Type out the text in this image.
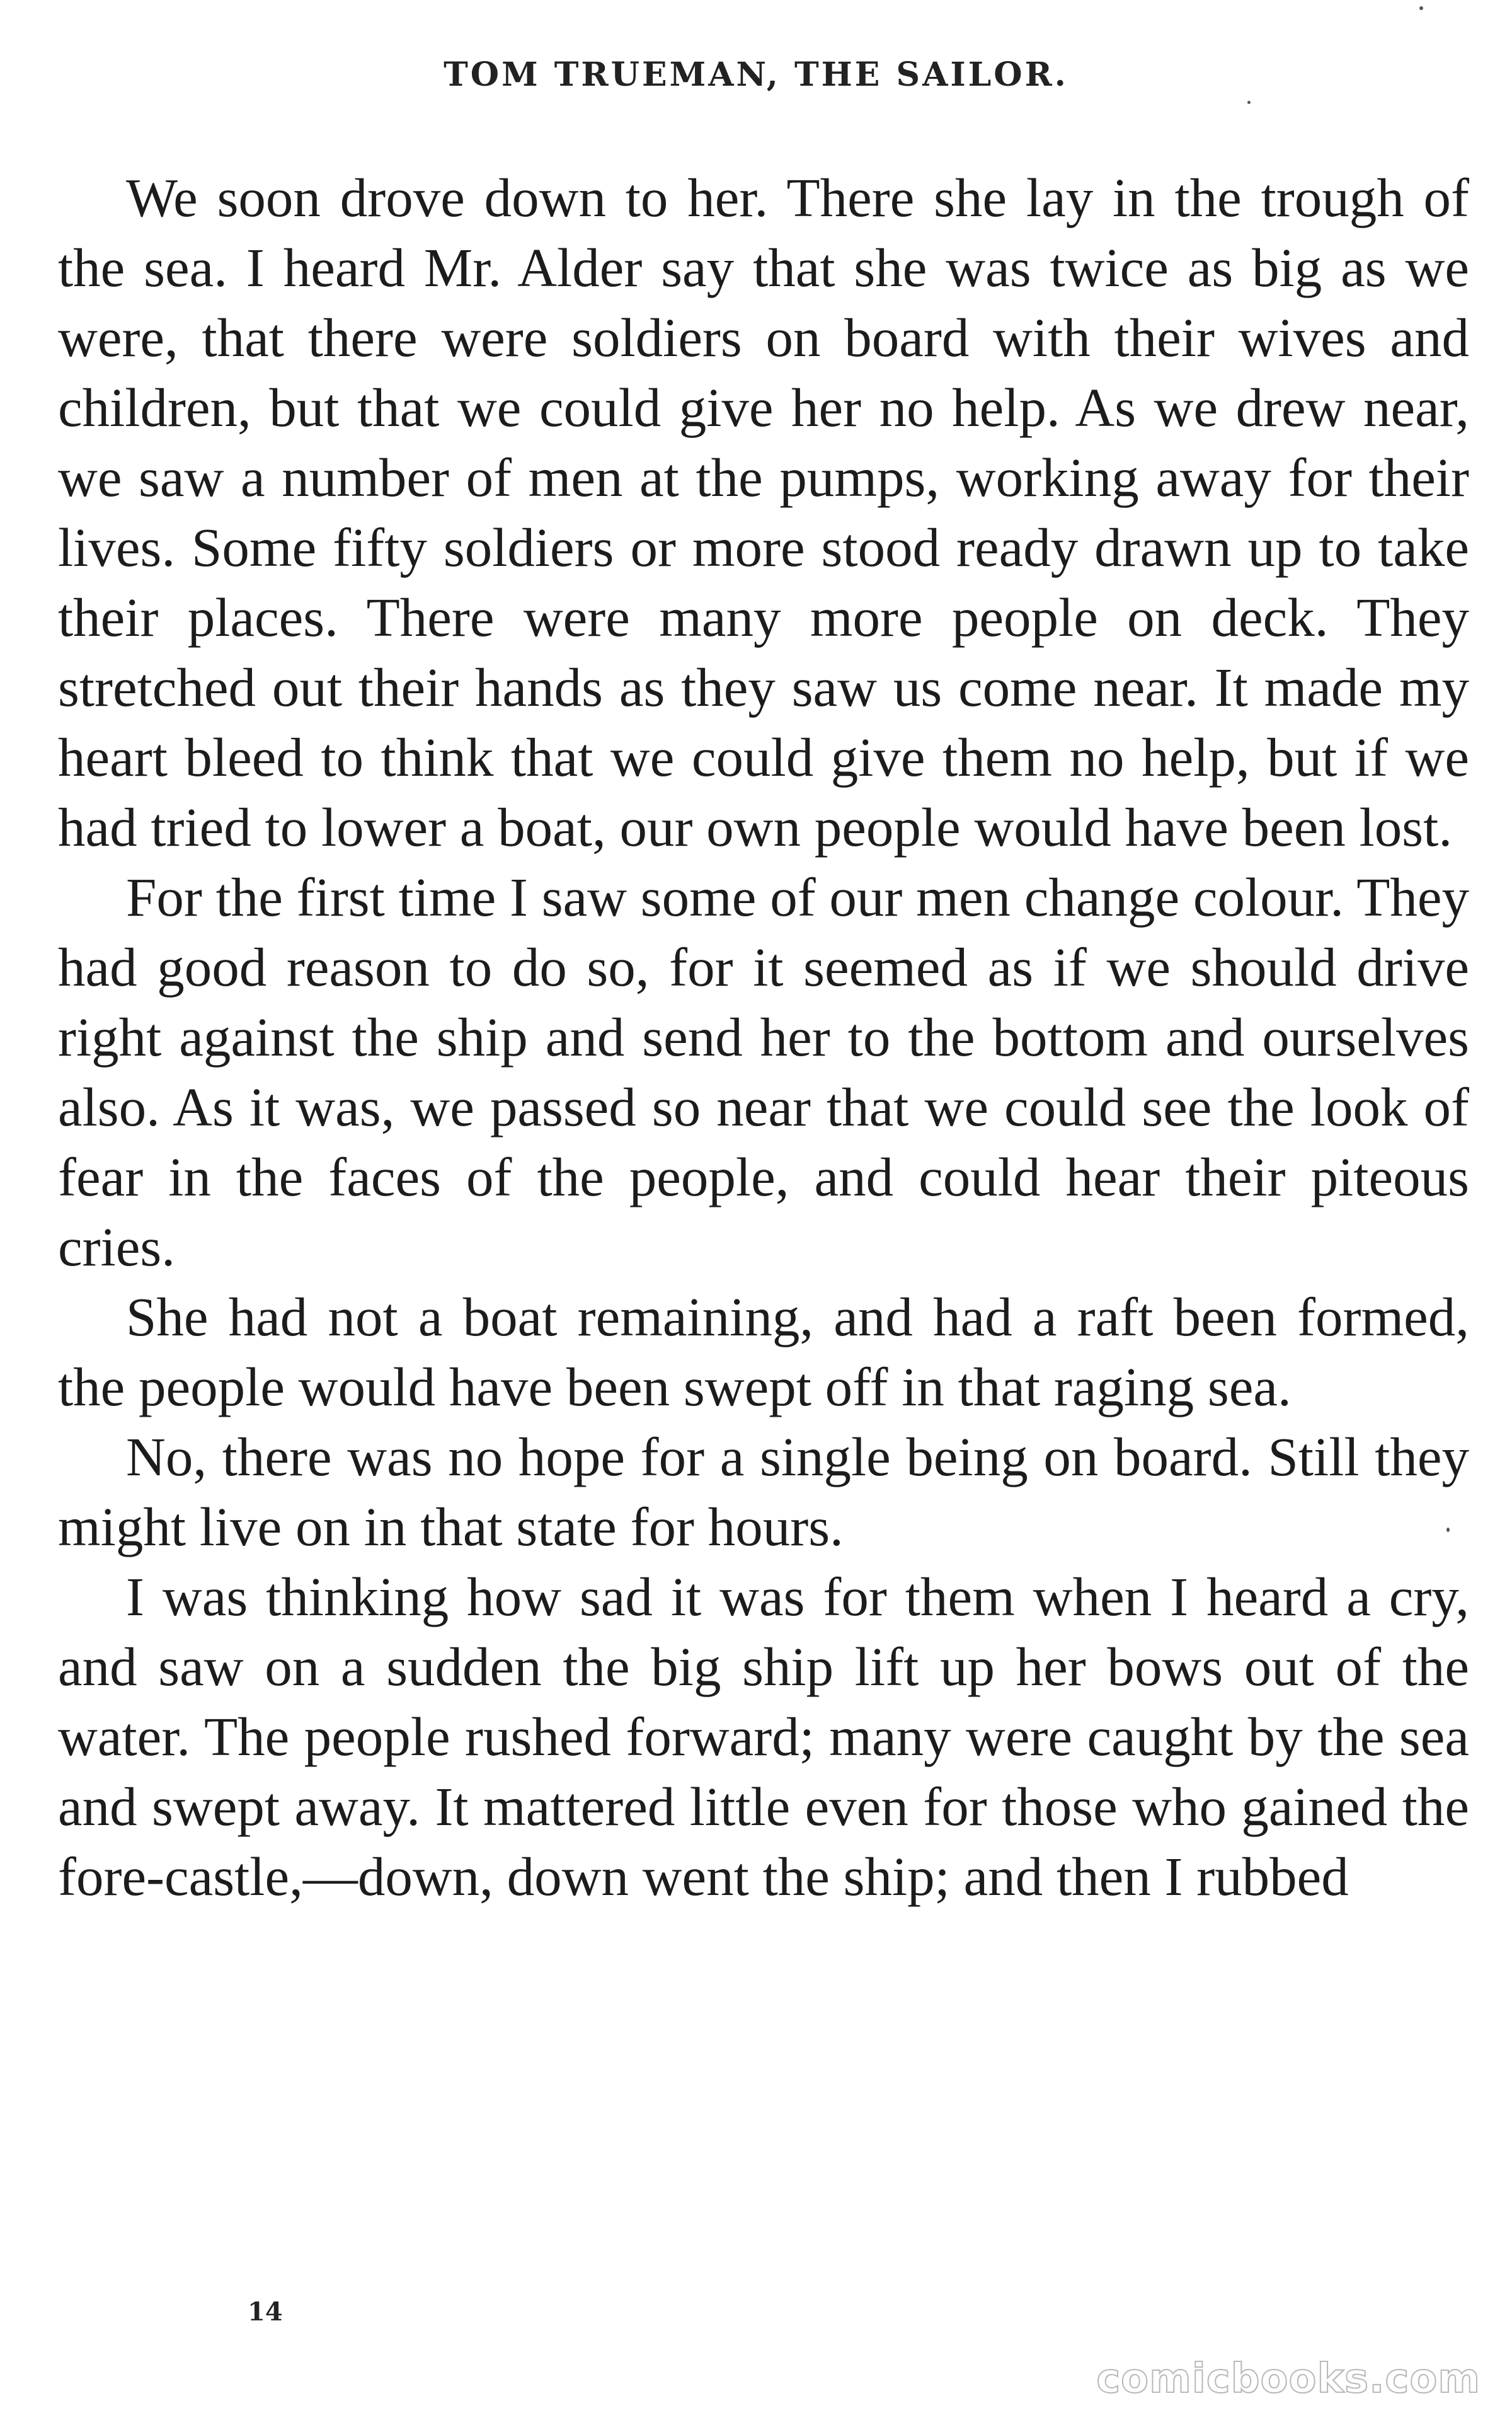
TOM TRUEMAN, THE SAILOR.

We soon drove down to her. There she lay in the trough of the sea. I heard Mr. Alder say that she was twice as big as we were, that there were soldiers on board with their wives and children, but that we could give her no help. As we drew near, we saw a number of men at the pumps, working away for their lives. Some fifty soldiers or more stood ready drawn up to take their places. There were many more people on deck. They stretched out their hands as they saw us come near. It made my heart bleed to think that we could give them no help, but if we had tried to lower a boat, our own people would have been lost.

For the first time I saw some of our men change colour. They had good reason to do so, for it seemed as if we should drive right against the ship and send her to the bottom and ourselves also. As it was, we passed so near that we could see the look of fear in the faces of the people, and could hear their piteous cries.

She had not a boat remaining, and had a raft been formed, the people would have been swept off in that raging sea.

No, there was no hope for a single being on board. Still they might live on in that state for hours.

I was thinking how sad it was for them when I heard a cry, and saw on a sudden the big ship lift up her bows out of the water. The people rushed forward; many were caught by the sea and swept away. It mattered little even for those who gained the fore-castle,—down, down went the ship; and then I rubbed

14
comicbooks.com
